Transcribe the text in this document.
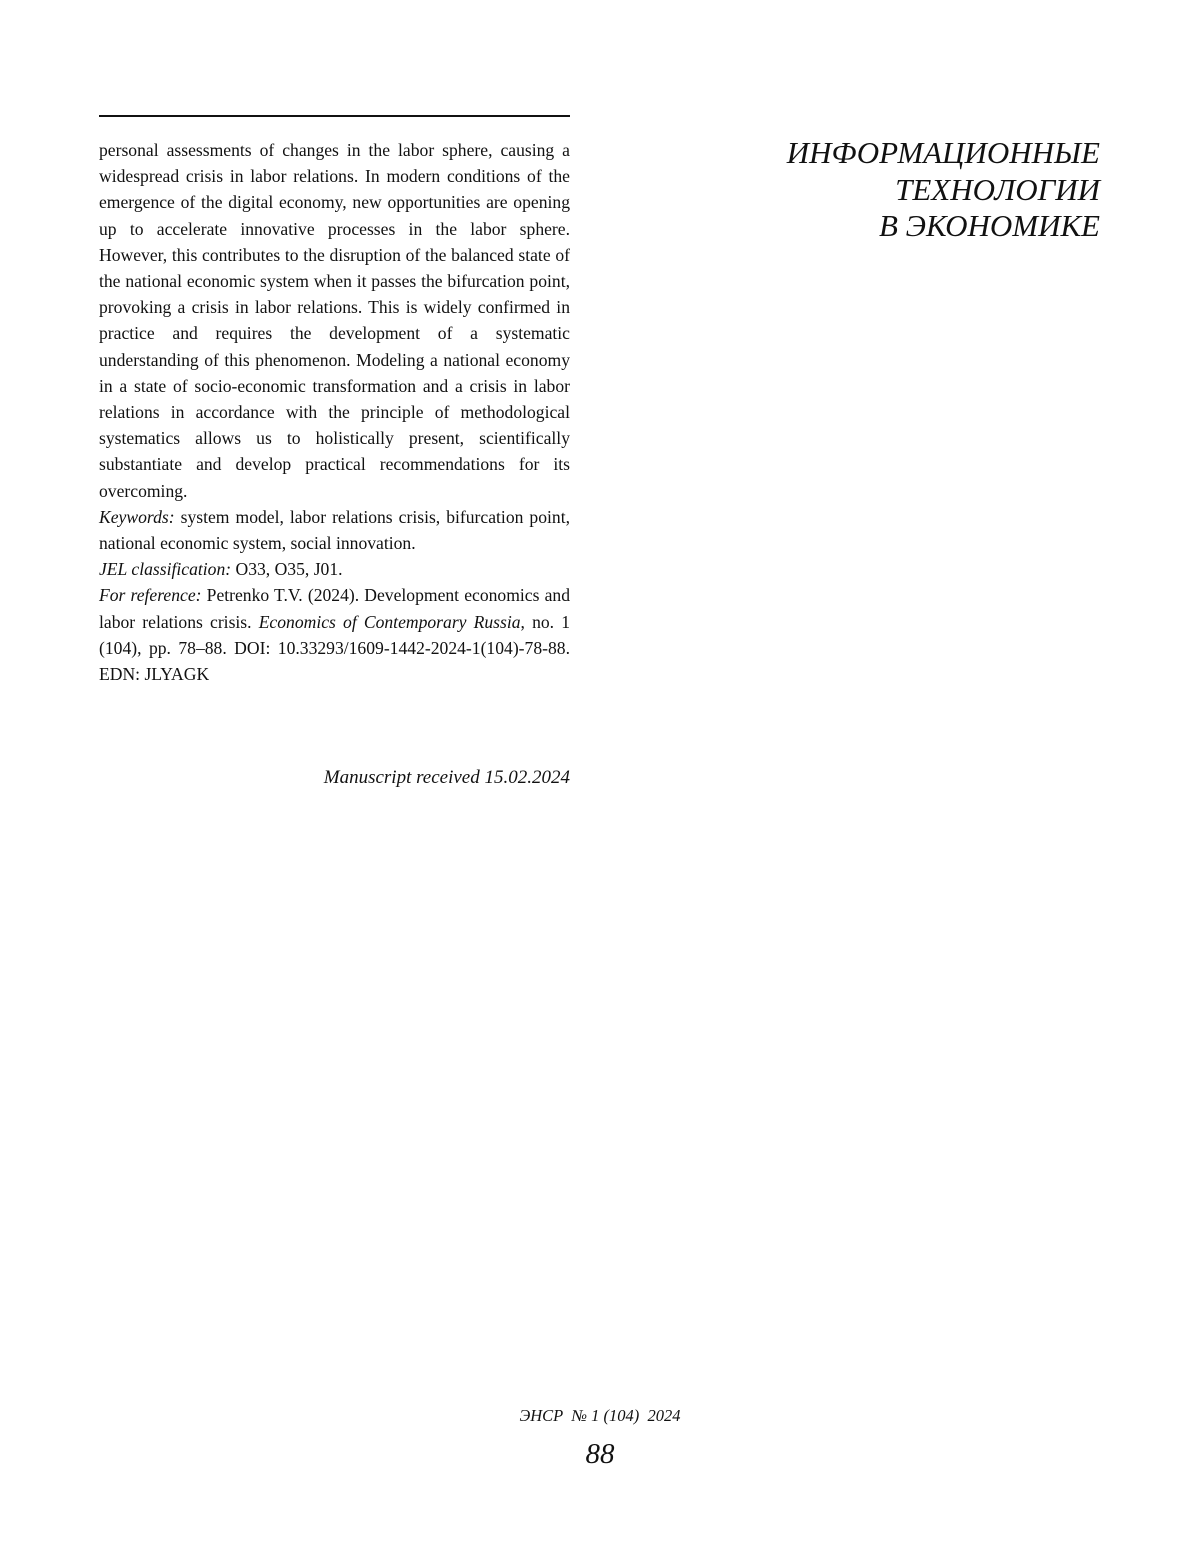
personal assessments of changes in the labor sphere, causing a widespread crisis in labor relations. In modern conditions of the emergence of the digital economy, new opportunities are opening up to accelerate innovative processes in the labor sphere. However, this contributes to the disruption of the balanced state of the national economic system when it passes the bifurcation point, provoking a crisis in labor relations. This is widely confirmed in practice and requires the development of a systematic understanding of this phenomenon. Modeling a national economy in a state of socio-economic transformation and a crisis in labor relations in accordance with the principle of methodological systematics allows us to holistically present, scientifically substantiate and develop practical recommendations for its overcoming.

Keywords: system model, labor relations crisis, bifurcation point, national economic system, social innovation.

JEL classification: O33, O35, J01.

For reference: Petrenko T.V. (2024). Development economics and labor relations crisis. Economics of Contemporary Russia, no. 1 (104), pp. 78–88. DOI: 10.33293/1609-1442-2024-1(104)-78-88. EDN: JLYAGK

Manuscript received 15.02.2024
ИНФОРМАЦИОННЫЕ
ТЕХНОЛОГИИ
В ЭКОНОМИКЕ
ЭНСР  № 1 (104)  2024
88
